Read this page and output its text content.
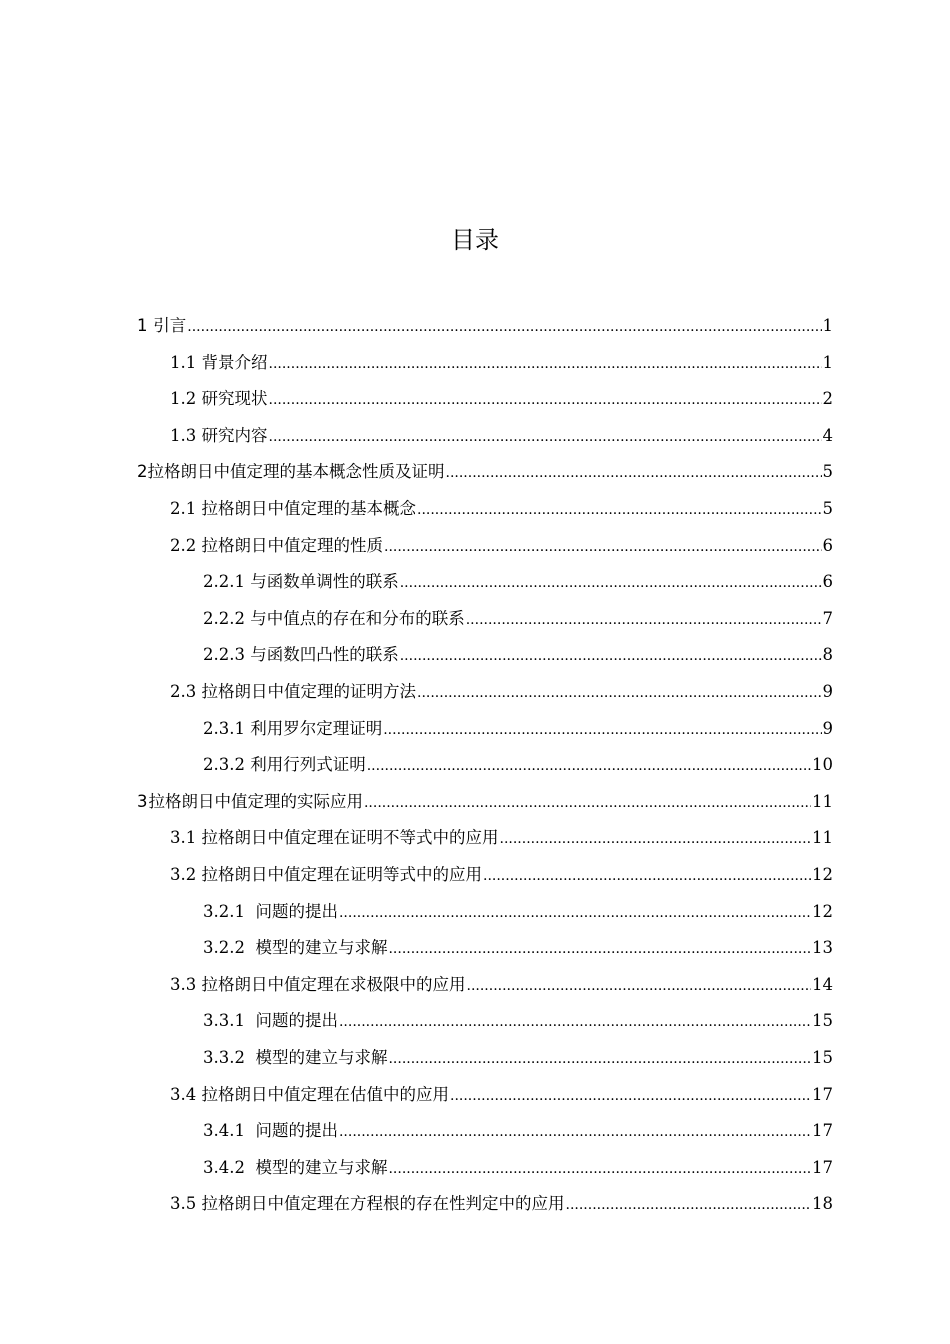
目录
1 引言 .....	1
1.1 背景介绍 .....	1
1.2 研究现状 .....	2
1.3 研究内容 .....	4
2 拉格朗日中值定理的基本概念性质及证明 .....	5
2.1 拉格朗日中值定理的基本概念 .....	5
2.2 拉格朗日中值定理的性质 .....	6
2.2.1 与函数单调性的联系 .....	6
2.2.2 与中值点的存在和分布的联系 .....	7
2.2.3 与函数凹凸性的联系 .....	8
2.3 拉格朗日中值定理的证明方法 .....	9
2.3.1 利用罗尔定理证明 .....	9
2.3.2 利用行列式证明 .....	10
3 拉格朗日中值定理的实际应用 .....	11
3.1 拉格朗日中值定理在证明不等式中的应用 .....	11
3.2 拉格朗日中值定理在证明等式中的应用 .....	12
3.2.1  问题的提出 .....	12
3.2.2  模型的建立与求解 .....	13
3.3 拉格朗日中值定理在求极限中的应用 .....	14
3.3.1  问题的提出 .....	15
3.3.2  模型的建立与求解 .....	15
3.4 拉格朗日中值定理在估值中的应用 .....	17
3.4.1  问题的提出 .....	17
3.4.2  模型的建立与求解 .....	17
3.5 拉格朗日中值定理在方程根的存在性判定中的应用 .....	18
